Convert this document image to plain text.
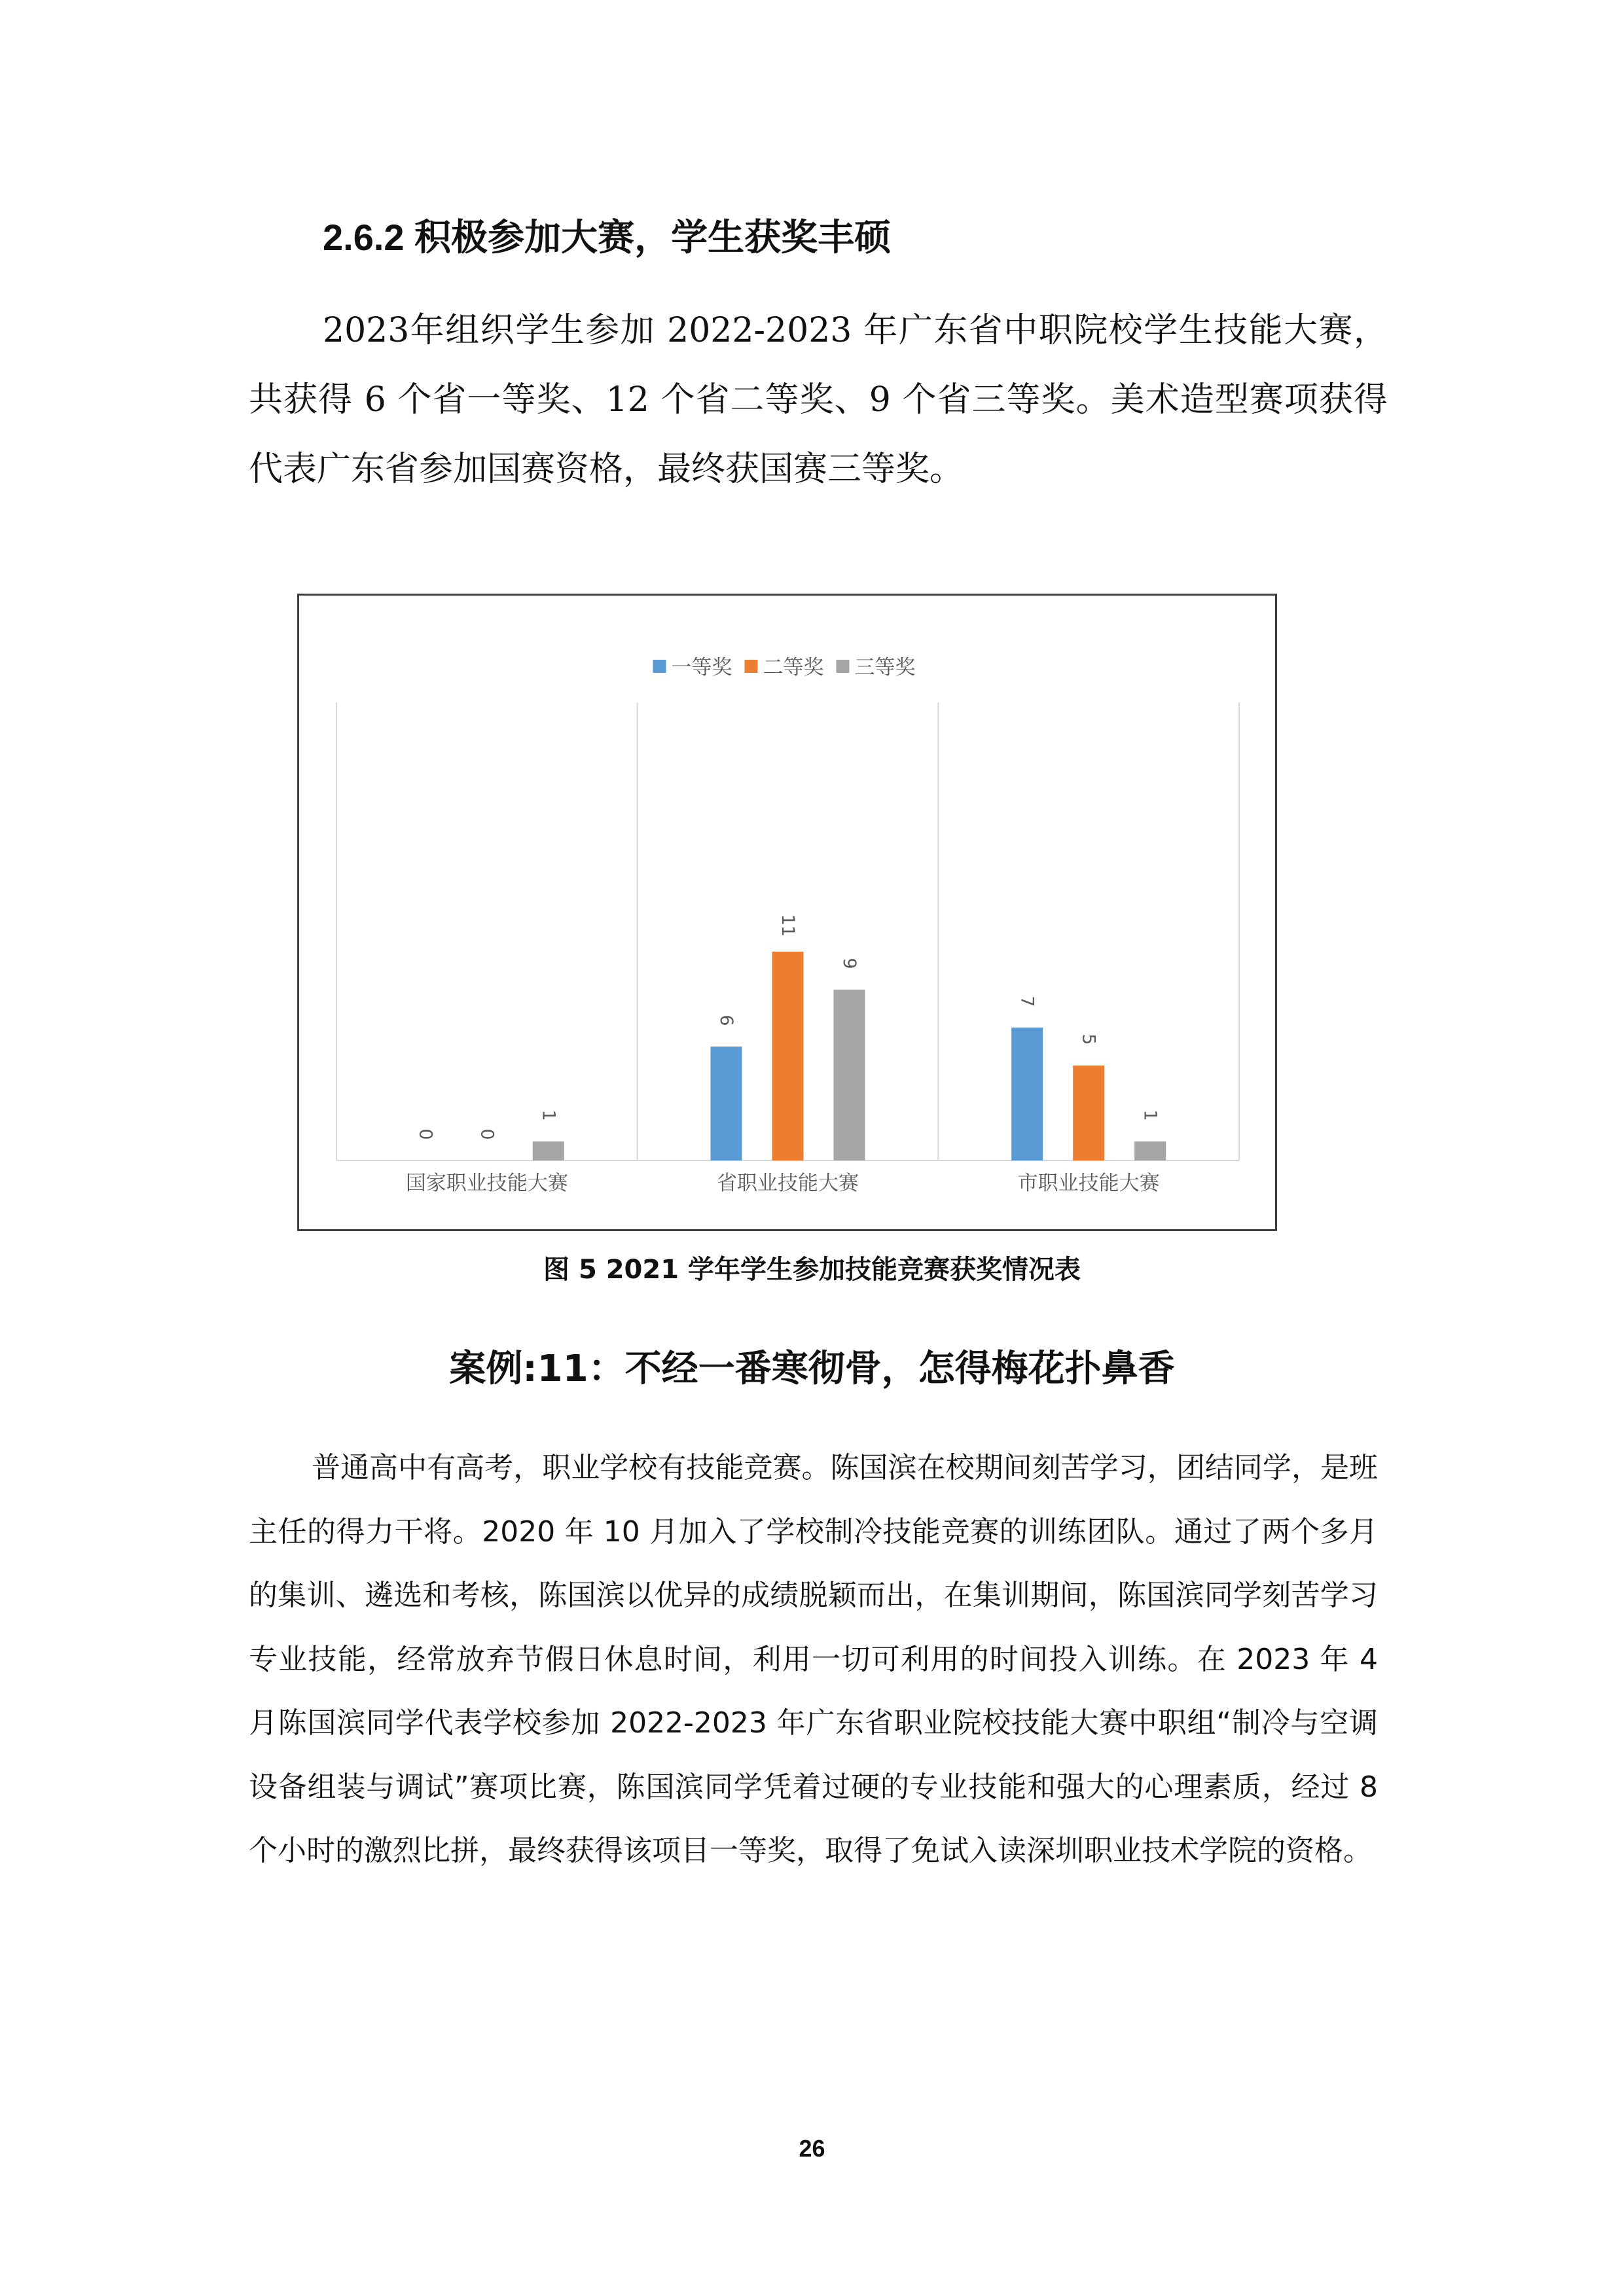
2.6.2 积极参加大赛，学生获奖丰硕

2023年组织学生参加 2022-2023 年广东省中职院校学生技能大赛，共获得 6 个省一等奖、12 个省二等奖、9 个省三等奖。美术造型赛项获得代表广东省参加国赛资格，最终获国赛三等奖。

0 0
1
国家职业技能大赛
6
11
9
省职业技能大赛
7
5
1
市职业技能大赛
一等奖 二等奖 三等奖
图 5 2021 学年学生参加技能竞赛获奖情况表
案例:11：不经一番寒彻骨，怎得梅花扑鼻香

普通高中有高考，职业学校有技能竞赛。陈国滨在校期间刻苦学习，团结同学，是班主任的得力干将。2020 年 10 月加入了学校制冷技能竞赛的训练团队。通过了两个多月的集训、遴选和考核，陈国滨以优异的成绩脱颖而出，在集训期间，陈国滨同学刻苦学习专业技能，经常放弃节假日休息时间，利用一切可利用的时间投入训练。在 2023 年 4 月陈国滨同学代表学校参加 2022-2023 年广东省职业院校技能大赛中职组“制冷与空调设备组装与调试”赛项比赛，陈国滨同学凭着过硬的专业技能和强大的心理素质，经过 8 个小时的激烈比拼，最终获得该项目一等奖，取得了免试入读深圳职业技术学院的资格。

26
